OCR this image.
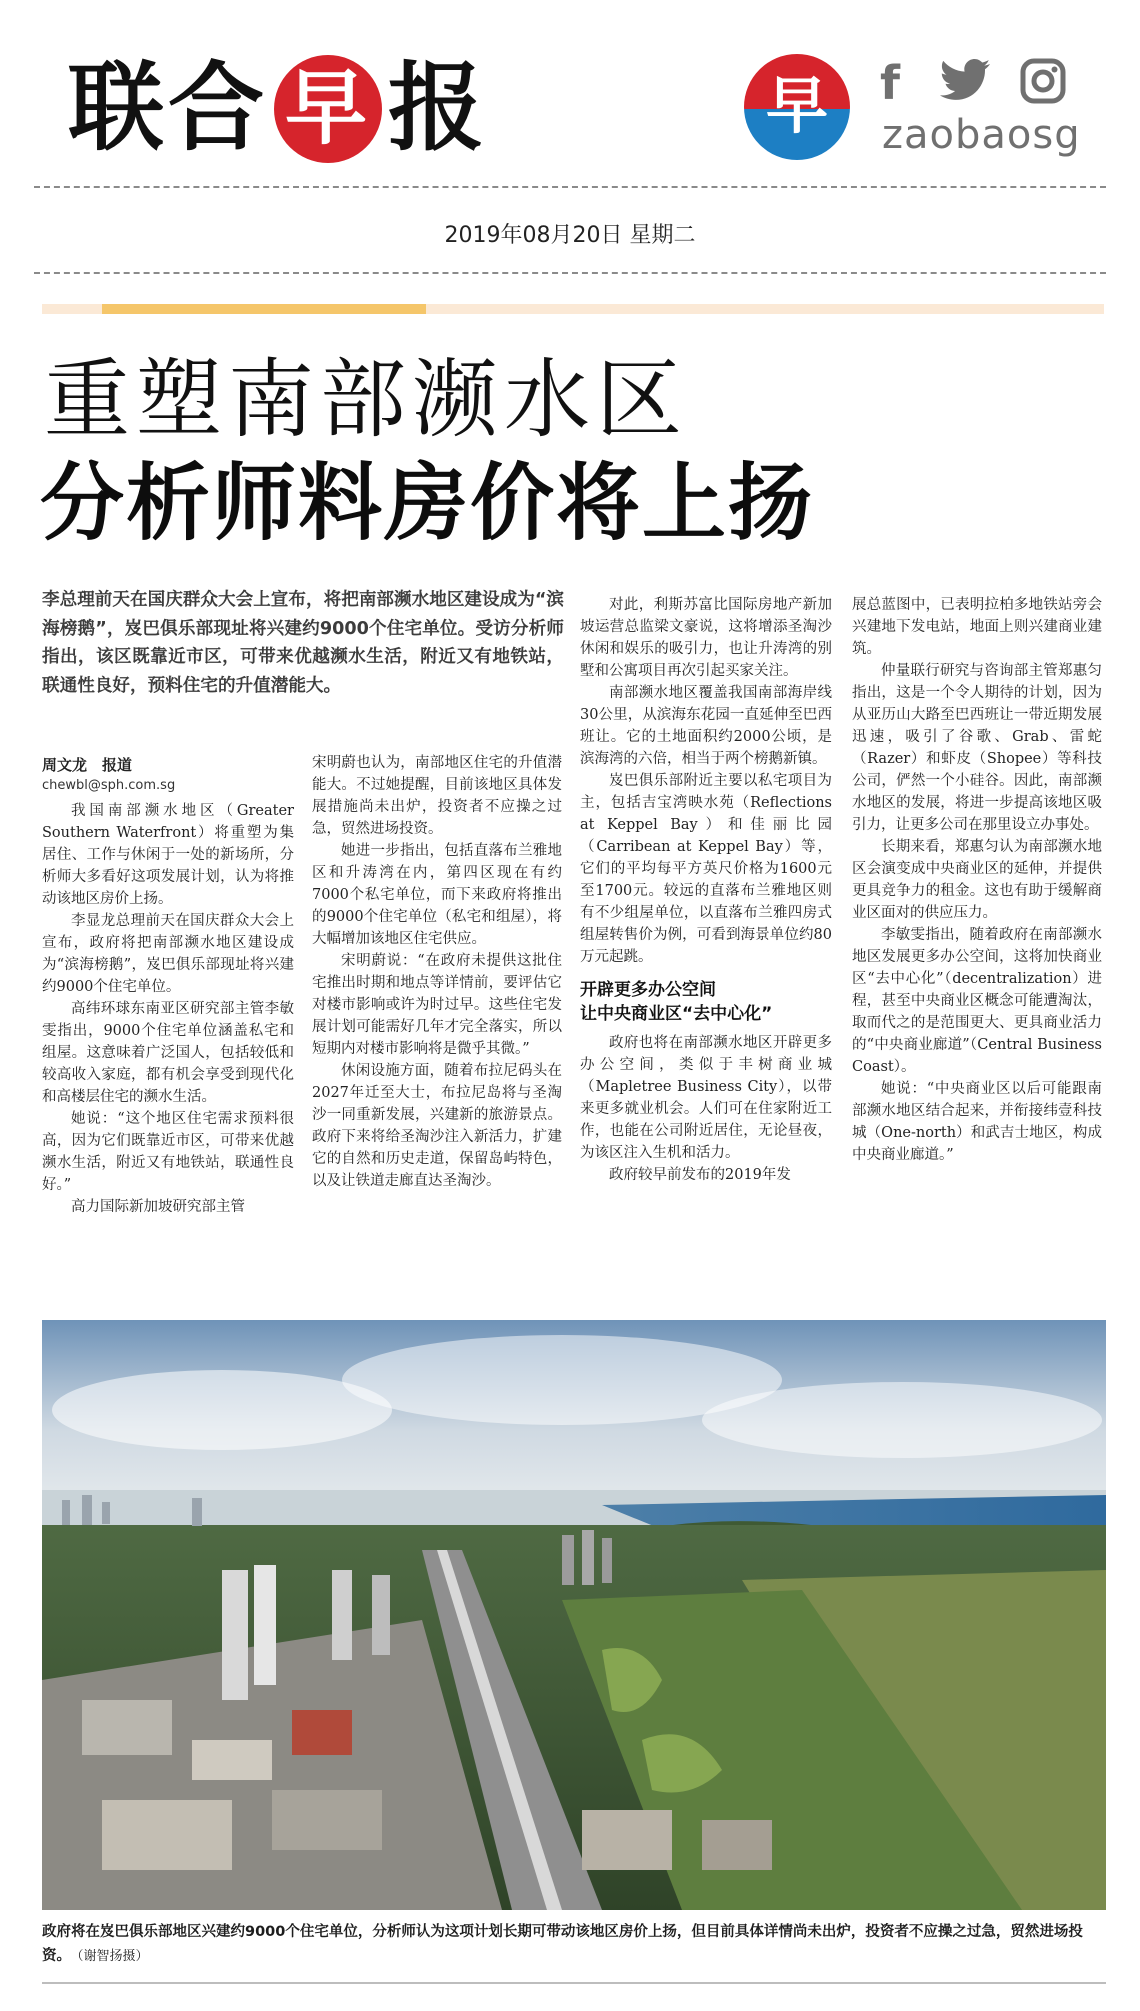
联合 早 报	早	f
zaobaosg
2019年08月20日 星期二
重塑南部濒水区
分析师料房价将上扬

李总理前天在国庆群众大会上宣布，将把南部濒水地区建设成为“滨海榜鹅”，岌巴俱乐部现址将兴建约9000个住宅单位。受访分析师指出，该区既靠近市区，可带来优越濒水生活，附近又有地铁站，联通性良好，预料住宅的升值潜能大。

周文龙　报道
chewbl@sph.com.sg

我国南部濒水地区（Greater Southern Waterfront）将重塑为集居住、工作与休闲于一处的新场所，分析师大多看好这项发展计划，认为将推动该地区房价上扬。

李显龙总理前天在国庆群众大会上宣布，政府将把南部濒水地区建设成为“滨海榜鹅”，岌巴俱乐部现址将兴建约9000个住宅单位。

高纬环球东南亚区研究部主管李敏雯指出，9000个住宅单位涵盖私宅和组屋。这意味着广泛国人，包括较低和较高收入家庭，都有机会享受到现代化和高楼层住宅的濒水生活。

她说：“这个地区住宅需求预料很高，因为它们既靠近市区，可带来优越濒水生活，附近又有地铁站，联通性良好。”

高力国际新加坡研究部主管

宋明蔚也认为，南部地区住宅的升值潜能大。不过她提醒，目前该地区具体发展措施尚未出炉，投资者不应操之过急，贸然进场投资。

她进一步指出，包括直落布兰雅地区和升涛湾在内，第四区现在有约7000个私宅单位，而下来政府将推出的9000个住宅单位（私宅和组屋），将大幅增加该地区住宅供应。

宋明蔚说：“在政府未提供这批住宅推出时期和地点等详情前，要评估它对楼市影响或许为时过早。这些住宅发展计划可能需好几年才完全落实，所以短期内对楼市影响将是微乎其微。”

休闲设施方面，随着布拉尼码头在2027年迁至大士，布拉尼岛将与圣淘沙一同重新发展，兴建新的旅游景点。政府下来将给圣淘沙注入新活力，扩建它的自然和历史走道，保留岛屿特色，以及让铁道走廊直达圣淘沙。

对此，利斯苏富比国际房地产新加坡运营总监梁文豪说，这将增添圣淘沙休闲和娱乐的吸引力，也让升涛湾的别墅和公寓项目再次引起买家关注。

南部濒水地区覆盖我国南部海岸线30公里，从滨海东花园一直延伸至巴西班让。它的土地面积约2000公顷，是滨海湾的六倍，相当于两个榜鹅新镇。

岌巴俱乐部附近主要以私宅项目为主，包括吉宝湾映水苑（Reflections at Keppel Bay）和佳丽比园（Carribean at Keppel Bay）等，它们的平均每平方英尺价格为1600元至1700元。较远的直落布兰雅地区则有不少组屋单位，以直落布兰雅四房式组屋转售价为例，可看到海景单位约80万元起跳。

开辟更多办公空间
让中央商业区“去中心化”

政府也将在南部濒水地区开辟更多办公空间，类似于丰树商业城（Mapletree Business City），以带来更多就业机会。人们可在住家附近工作，也能在公司附近居住，无论昼夜，为该区注入生机和活力。

政府较早前发布的2019年发

展总蓝图中，已表明拉柏多地铁站旁会兴建地下发电站，地面上则兴建商业建筑。

仲量联行研究与咨询部主管郑惠匀指出，这是一个令人期待的计划，因为从亚历山大路至巴西班让一带近期发展迅速，吸引了谷歌、Grab、雷蛇（Razer）和虾皮（Shopee）等科技公司，俨然一个小硅谷。因此，南部濒水地区的发展，将进一步提高该地区吸引力，让更多公司在那里设立办事处。

长期来看，郑惠匀认为南部濒水地区会演变成中央商业区的延伸，并提供更具竞争力的租金。这也有助于缓解商业区面对的供应压力。

李敏雯指出，随着政府在南部濒水地区发展更多办公空间，这将加快商业区“去中心化”（decentralization）进程，甚至中央商业区概念可能遭淘汰，取而代之的是范围更大、更具商业活力的“中央商业廊道”（Central Business Coast）。

她说：“中央商业区以后可能跟南部濒水地区结合起来，并衔接纬壹科技城（One-north）和武吉士地区，构成中央商业廊道。”

政府将在岌巴俱乐部地区兴建约9000个住宅单位，分析师认为这项计划长期可带动该地区房价上扬，但目前具体详情尚未出炉，投资者不应操之过急，贸然进场投资。 （谢智扬摄）
